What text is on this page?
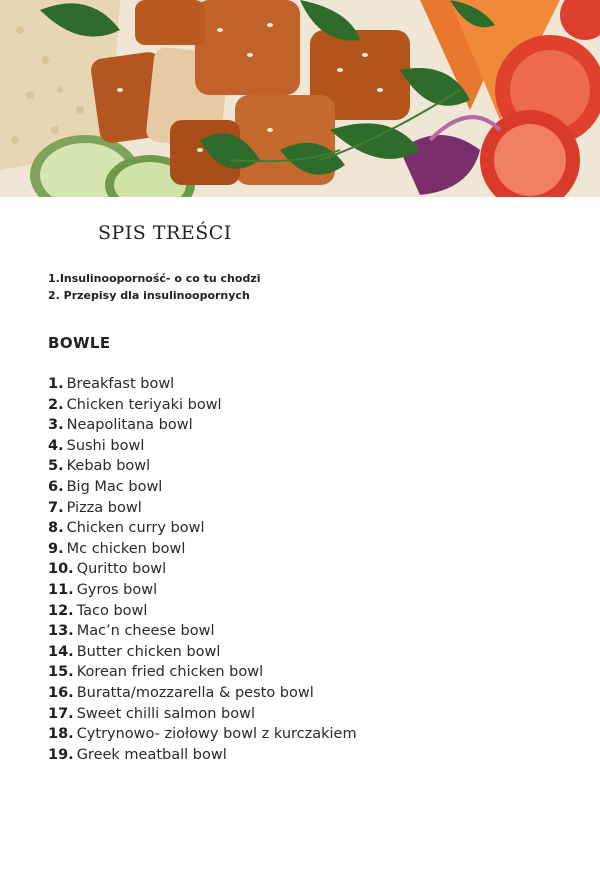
SPIS TREŚCI
1.Insulinooporność- o co tu chodzi
2. Przepisy dla insulinoopornych
BOWLE
1. Breakfast bowl
2. Chicken teriyaki bowl
3. Neapolitana bowl
4. Sushi bowl
5. Kebab bowl
6. Big Mac bowl
7. Pizza bowl
8. Chicken curry bowl
9. Mc chicken bowl
10. Quritto bowl
11. Gyros bowl
12. Taco bowl
13. Mac’n cheese bowl
14. Butter chicken bowl
15. Korean fried chicken bowl
16. Buratta/mozzarella & pesto bowl
17. Sweet chilli salmon bowl
18. Cytrynowo- ziołowy bowl z kurczakiem
19. Greek meatball bowl
